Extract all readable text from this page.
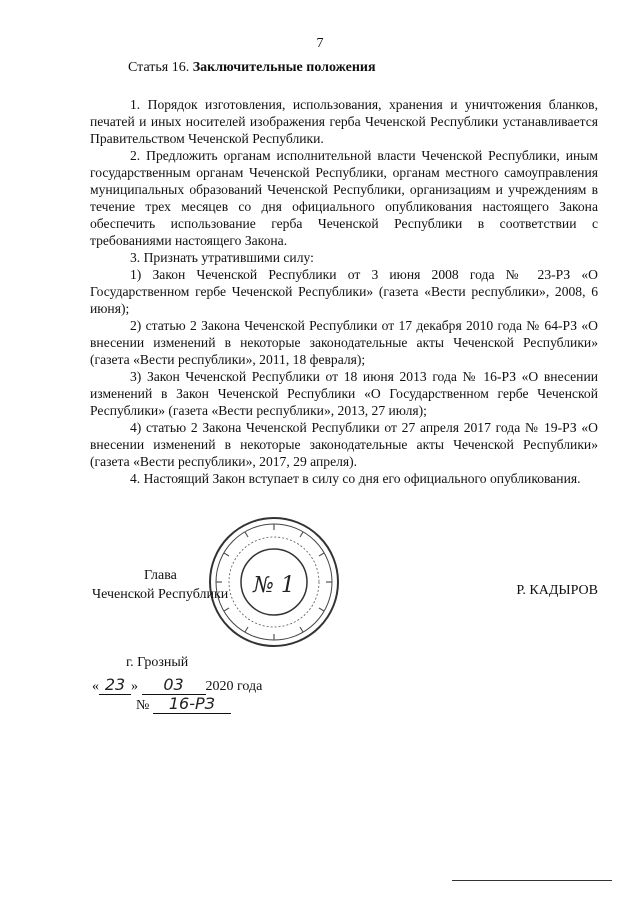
7
Статья 16. Заключительные положения

1. Порядок изготовления, использования, хранения и уничтожения бланков, печатей и иных носителей изображения герба Чеченской Республики устанавливается Правительством Чеченской Республики.

2. Предложить органам исполнительной власти Чеченской Республики, иным государственным органам Чеченской Республики, органам местного самоуправления муниципальных образований Чеченской Республики, организациям и учреждениям в течение трех месяцев со дня официального опубликования настоящего Закона обеспечить использование герба Чеченской Республики в соответствии с требованиями настоящего Закона.

3. Признать утратившими силу:

1) Закон Чеченской Республики от 3 июня 2008 года № 23-РЗ «О Государственном гербе Чеченской Республики» (газета «Вести республики», 2008, 6 июня);

2) статью 2 Закона Чеченской Республики от 17 декабря 2010 года № 64-РЗ «О внесении изменений в некоторые законодательные акты Чеченской Республики» (газета «Вести республики», 2011, 18 февраля);

3) Закон Чеченской Республики от 18 июня 2013 года № 16-РЗ «О внесении изменений в Закон Чеченской Республики «О Государственном гербе Чеченской Республики» (газета «Вести республики», 2013, 27 июля);

4) статью 2 Закона Чеченской Республики от 27 апреля 2017 года № 19-РЗ «О внесении изменений в некоторые законодательные акты Чеченской Республики» (газета «Вести республики», 2017, 29 апреля).

4. Настоящий Закон вступает в силу со дня его официального опубликования.

№ 1
Глава
Чеченской Республики	Р. КАДЫРОВ
г. Грозный
« 23 » 03 2020 года
№ 16-РЗ
